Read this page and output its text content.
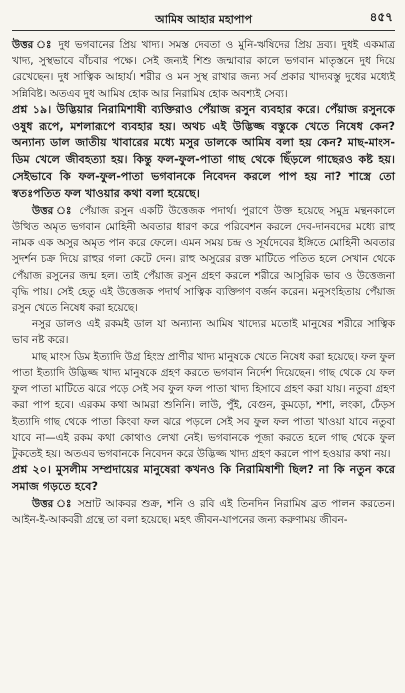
আমিষ আহার মহাপাপ	৪৫৭

উত্তর ঃ দুধ ভগবানের প্রিয় খাদ্য। সমস্ত দেবতা ও মুনি-ঋষিদের প্রিয় দ্রব্য। দুধই একমাত্র খাদ্য, সুস্থভাবে বাঁচবার পক্ষে। সেই জন্যই শিশু জন্মাবার কালে ভগবান মাতৃস্তনে দুধ দিয়ে রেখেছেন। দুধ সাত্বিক আহার্য। শরীর ও মন সুস্থ রাখার জন্য সর্ব প্রকার খাদ্যবস্তু দুধের মধ্যেই সন্নিবিষ্ট। অতএব দুধ আমিষ হোক আর নিরামিষ হোক অবশ্যই সেব্য।

প্রশ্ন ১৯। উদ্ভিয়ার নিরামিশাষী ব্যক্তিরাও পেঁয়াজ রসুন ব্যবহার করে। পেঁয়াজ রসুনকে ওষুধ রূপে, মশলারূপে ব্যবহার হয়। অথচ এই উদ্ভিজ্জ বস্তুকে খেতে নিষেধ কেন? অন্যান্য ডাল জাতীয় খাবারের মধ্যে মসুর ডালকে আমিষ বলা হয় কেন? মাছ-মাংস-ডিম খেলে জীবহত্যা হয়। কিন্তু ফল-ফুল-পাতা গাছ থেকে ছিঁড়লে গাছেরও কষ্ট হয়। সেইভাবে কি ফল-ফুল-পাতা ভগবানকে নিবেদন করলে পাপ হয় না? শাস্ত্রে তো স্বতঃপতিত ফল খাওয়ার কথা বলা হয়েছে।

উত্তর ঃ পেঁয়াজ রসুন একটি উত্তেজক পদার্থ। পুরাণে উক্ত হয়েছে সমুদ্র মন্থনকালে উত্থিত অমৃত ভগবান মোহিনী অবতার ধারণ করে পরিবেশন করলে দেব-দানবদের মধ্যে রাহু নামক এক অসুর অমৃত পান করে ফেলে। এমন সময় চন্দ্র ও সূর্যদেবের ইঙ্গিতে মোহিনী অবতার সুদর্শন চক্র দিয়ে রাহুর গলা কেটে দেন। রাহু অসুরের রক্ত মাটিতে পতিত হলে সেখান থেকে পেঁয়াজ রসুনের জন্ম হল। তাই পেঁয়াজ রসুন গ্রহণ করলে শরীরে আসুরিক ভাব ও উত্তেজনা বৃদ্ধি পায়। সেই হেতু এই উত্তেজক পদার্থ সাত্বিক ব্যক্তিগণ বর্জন করেন। মনুসংহিতায় পেঁয়াজ রসুন খেতে নিষেধ করা হয়েছে।

নসুর ডালও এই রকমই ডাল যা অন্যান্য আমিষ খাদ্যের মতোই মানুষের শরীরে সাত্বিক ভাব নষ্ট করে।

মাছ মাংস ডিম ইত্যাদি উগ্র হিংস্র প্রাণীর খাদ্য মানুষকে খেতে নিষেধ করা হয়েছে। ফল ফুল পাতা ইত্যাদি উদ্ভিজ্জ খাদ্য মানুষকে গ্রহণ করতে ভগবান নির্দেশ দিয়েছেন। গাছ থেকে যে ফল ফুল পাতা মাটিতে ঝরে পড়ে সেই সব ফুল ফল পাতা খাদ্য হিসাবে গ্রহণ করা যায়। নতুবা গ্রহণ করা পাপ হবে। এরকম কথা আমরা শুনিনি। লাউ, পুঁই, বেগুন, কুমড়ো, শশা, লংকা, ঢেঁড়স ইত্যাদি গাছ থেকে পাতা কিংবা ফল ঝরে পড়লে সেই সব ফুল ফল পাতা খাওয়া যাবে নতুবা যাবে না—এই রকম কথা কোথাও লেখা নেই। ভগবানকে পূজা করতে হলে গাছ থেকে ফুল টুকতেই হয়। অতএব ভগবানকে নিবেদন করে উদ্ভিজ্জ খাদ্য গ্রহণ করলে পাপ হওয়ার কথা নয়।

প্রশ্ন ২০। মুসলীম সম্প্রদায়ের মানুষেরা কখনও কি নিরামিষাশী ছিল? না কি নতুন করে সমাজ গড়তে হবে?

উত্তর ঃ সম্রাট আকবর শুক্র, শনি ও রবি এই তিনদিন নিরামিষ ব্রত পালন করতেন। আইন-ই-আকবরী গ্রন্থে তা বলা হয়েছে। মহৎ জীবন-যাপনের জন্য করুণাময় জীবন-
